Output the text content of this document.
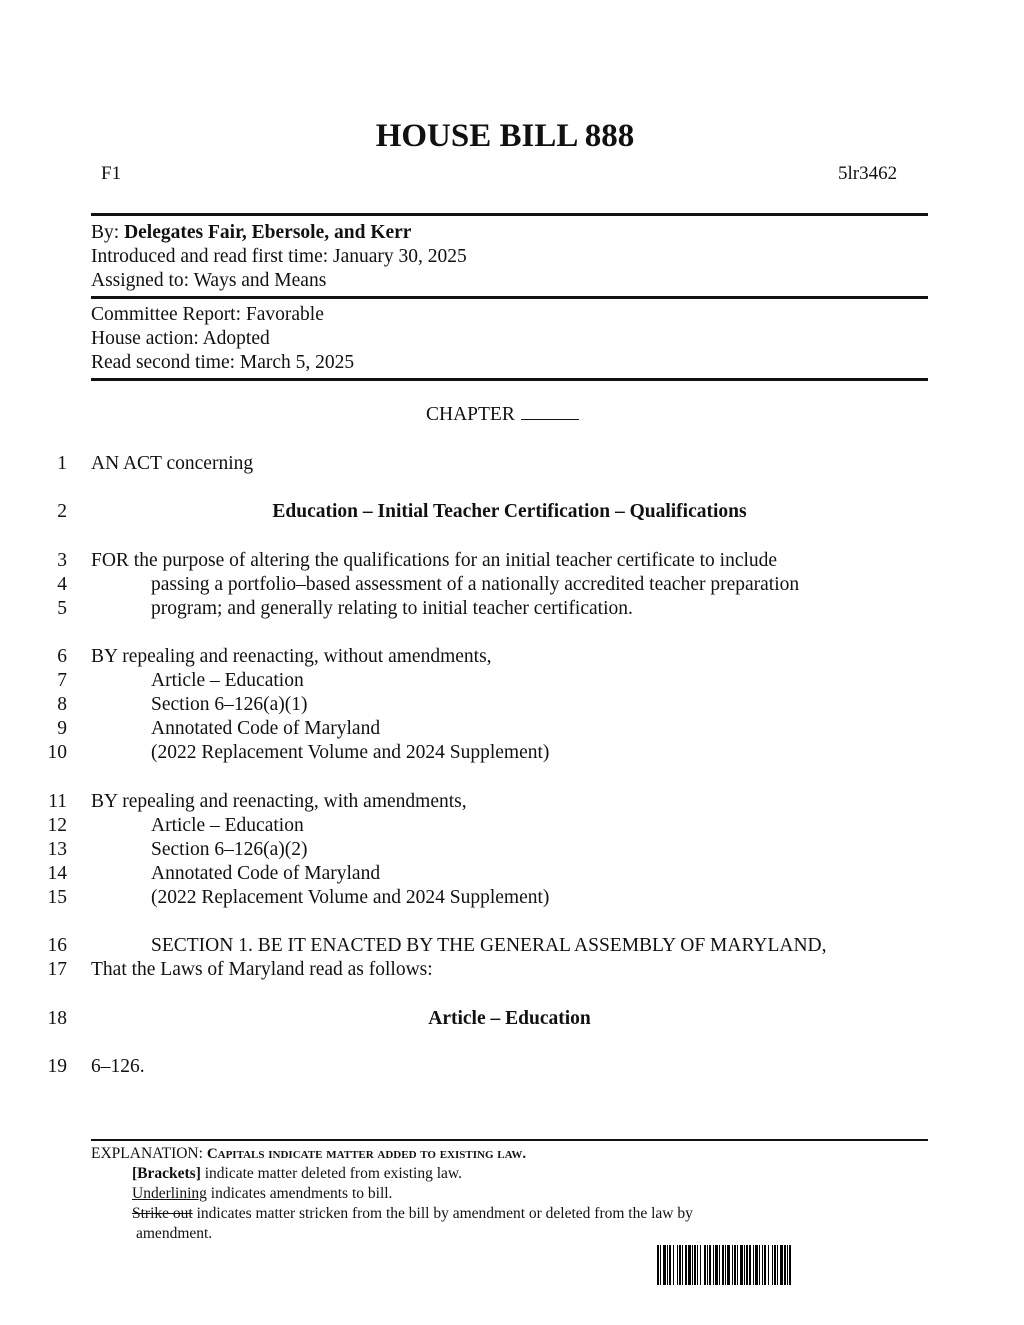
HOUSE BILL 888
F1	5lr3462
By: Delegates Fair, Ebersole, and Kerr
Introduced and read first time: January 30, 2025
Assigned to: Ways and Means
Committee Report: Favorable
House action: Adopted
Read second time: March 5, 2025
CHAPTER
1 AN ACT concerning
2	Education – Initial Teacher Certification – Qualifications
3 FOR the purpose of altering the qualifications for an initial teacher certificate to include
4	passing a portfolio–based assessment of a nationally accredited teacher preparation
5	program; and generally relating to initial teacher certification.
6 BY repealing and reenacting, without amendments,
7	Article – Education
8	Section 6–126(a)(1)
9	Annotated Code of Maryland
10	(2022 Replacement Volume and 2024 Supplement)
11 BY repealing and reenacting, with amendments,
12	Article – Education
13	Section 6–126(a)(2)
14	Annotated Code of Maryland
15	(2022 Replacement Volume and 2024 Supplement)
16	SECTION 1. BE IT ENACTED BY THE GENERAL ASSEMBLY OF MARYLAND,
17 That the Laws of Maryland read as follows:
18	Article – Education
19 6–126.
EXPLANATION: Capitals indicate matter added to existing law.
[Brackets] indicate matter deleted from existing law.
Underlining indicates amendments to bill.
Strike out indicates matter stricken from the bill by amendment or deleted from the law by
amendment.
